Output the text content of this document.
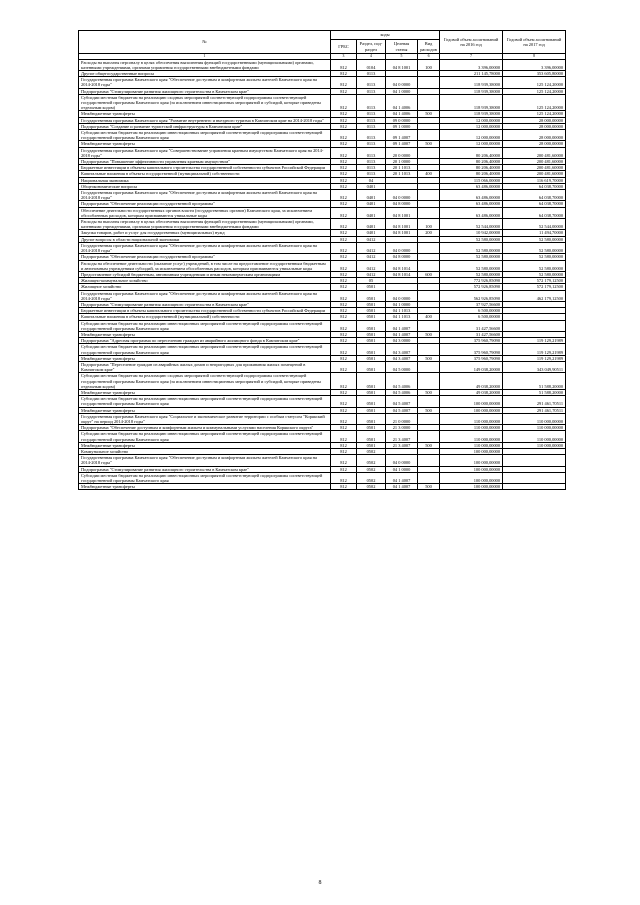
№	коды				Годовой объем ассигнований на 2016 год	Годовой объем ассигнований на 2017 год
	ГРБС	Раздел, под-раздел	Целевая статья	Вид расходов		
1	3	4	5	6	7	8
Расходы на выплаты персоналу в целях обеспечения выполнения функций государственными (муниципальными) органами, казенными учреждениями, органами управления государственными внебюджетными фондами	812	0104	04 8 1001	100	3 396,00000	3 396,00000
Другие общегосударственные вопросы	812	0113			211 145,78000	353 605,80000
Государственная программа Камчатского края "Обеспечение доступным и комфортным жильем жителей Камчатского края на 2014-2018 годы"	812	0113	04 0 0000		118 939,38000	125 124,20000
Подпрограмма "Стимулирование развития жилищного строительства в Камчатском крае"	812	0113	04 1 0000		118 939,38000	125 124,20000
Субсидии местным бюджетам на реализацию сходных мероприятий соответствующей подпрограммы соответствующей государственной программы Камчатского края (за исключением инвестиционных мероприятий и субсидий, которые приведены отдельным кодом)	812	0113	04 1 4006		118 939,38000	125 124,20000
Межбюджетные трансферты	812	0113	04 1 4006	500	118 939,38000	125 124,20000
Государственная программа Камчатского края "Развитие внутреннего и въездного туризма в Камчатском крае на 2014-2018 годы"	812	0113	09 0 0000		12 000,00000	28 000,00000
Подпрограмма "Создание и развитие туристской инфраструктуры в Камчатском крае"	812	0113	09 1 0000		12 000,00000	28 000,00000
Субсидии местным бюджетам на реализацию инвестиционных мероприятий соответствующей подпрограммы соответствующей государственной программы Камчатского края	812	0113	09 1 4007		12 000,00000	28 000,00000
Межбюджетные трансферты	812	0113	09 1 4007	500	12 000,00000	28 000,00000
Государственная программа Камчатского края "Совершенствование управления краевым имуществом Камчатского края на 2014-2018 годы"	812	0113	20 0 0000		80 206,40000	200 481,60000
Подпрограмма "Повышение эффективности управления краевым имуществом"	812	0113	20 1 0000		80 206,40000	200 481,60000
Бюджетные инвестиции в объекты капитального строительства государственной собственности субъектов Российской Федерации	812	0113	20 1 1013		80 206,40000	200 481,60000
Капитальные вложения в объекты государственной (муниципальной) собственности	812	0113	20 1 1013	400	80 206,40000	200 481,60000
Национальная экономика	812	04			115 066,00000	116 619,70000
Общеэкономические вопросы	812	0401			63 486,00000	64 038,70000
Государственная программа Камчатского края "Обеспечение доступным и комфортным жильем жителей Камчатского края на 2014-2018 годы"	812	0401	04 0 0000		63 486,00000	64 038,70000
Подпрограмма "Обеспечение реализации государственной программы"	812	0401	04 8 0000		63 486,00000	64 038,70000
Обеспечение деятельности государственных органов власти (государственных органов) Камчатского края, за исключением обособленных расходов, которым присваиваются уникальные коды	812	0401	04 8 1001		63 486,00000	64 038,70000
Расходы на выплаты персоналу в целях обеспечения выполнения функций государственными (муниципальными) органами, казенными учреждениями, органами управления государственными внебюджетными фондами	812	0401	04 8 1001	100	52 544,00000	52 544,00000
Закупка товаров, работ и услуг для государственных (муниципальных) нужд	812	0401	04 8 1001	200	10 942,00000	11 494,70000
Другие вопросы в области национальной экономики	812	0412			52 580,00000	52 580,00000
Государственная программа Камчатского края "Обеспечение доступным и комфортным жильем жителей Камчатского края на 2014-2018 годы"	812	0412	04 0 0000		52 580,00000	52 580,00000
Подпрограмма "Обеспечение реализации государственной программы"	812	0412	04 8 0000		52 580,00000	52 580,00000
Расходы на обеспечение деятельности (оказание услуг) учреждений, в том числе на предоставление государственным бюджетным и автономным учреждениям субсидий, за исключением обособленных расходов, которым присваиваются уникальные коды	812	0412	04 8 1014		52 580,00000	52 580,00000
Предоставление субсидий бюджетным, автономным учреждениям и иным некоммерческим организациям	812	0412	04 8 1014	600	52 580,00000	52 580,00000
Жилищно-коммунальное хозяйство	812	05			772 926,85090	572 179,12500
Жилищное хозяйство	812	0501			572 926,85090	572 179,12500
Государственная программа Камчатского края "Обеспечение доступным и комфортным жильем жителей Камчатского края на 2014-2018 годы"	812	0501	04 0 0000		562 926,85090	462 179,12500
Подпрограмма "Стимулирование развития жилищного строительства в Камчатском крае"	812	0501	04 1 0000		37 927,56600	
Бюджетные инвестиции в объекты капитального строительства государственной собственности субъектов Российской Федерации	812	0501	04 1 1013		6 500,00000	
Капитальные вложения в объекты государственной (муниципальной) собственности	812	0501	04 1 1013	400	6 500,00000	
Субсидии местным бюджетам на реализацию инвестиционных мероприятий соответствующей подпрограммы соответствующей государственной программы Камчатского края	812	0501	04 1 4007		31 427,56600	
Межбюджетные трансферты	812	0501	04 1 4007	500	31 427,56600	
Подпрограмма "Адресная программа по переселению граждан из аварийного жилищного фонда в Камчатском крае"	812	0501	04 3 0000		375 960,79090	119 129,21989
Субсидии местным бюджетам на реализацию инвестиционных мероприятий соответствующей подпрограммы соответствующей государственной программы Камчатского края	812	0501	04 3 4007		375 960,79090	119 129,21989
Межбюджетные трансферты	812	0501	04 3 4007	500	375 960,79090	119 129,21989
Подпрограмма "Переселение граждан из аварийных жилых домов и непригодных для проживания жилых помещений в Камчатском крае"	812	0501	04 5 0000		149 038,20000	343 049,90511
Субсидии местным бюджетам на реализацию сходных мероприятий соответствующей подпрограммы соответствующей государственной программы Камчатского края (за исключением инвестиционных мероприятий и субсидий, которые приведены отдельным кодом)	812	0501	04 5 4006		49 038,20000	51 588,20000
Межбюджетные трансферты	812	0501	04 5 4006	500	49 038,20000	51 588,20000
Субсидии местным бюджетам на реализацию инвестиционных мероприятий соответствующей подпрограммы соответствующей государственной программы Камчатского края	812	0501	04 5 4007		100 000,00000	291 461,70511
Межбюджетные трансферты	812	0501	04 5 4007	500	100 000,00000	291 461,70511
Государственная программа Камчатского края "Социальное и экономическое развитие территории с особым статусом "Корякский округ" на период 2014-2018 годы"	812	0501	21 0 0000		110 000,00000	110 000,00000
Подпрограмма "Обеспечение доступным и комфортным жильем и коммунальными услугами населения Корякского округа"	812	0501	21 3 0000		110 000,00000	110 000,00000
Субсидии местным бюджетам на реализацию инвестиционных мероприятий соответствующей подпрограммы соответствующей государственной программы Камчатского края	812	0501	21 3 4007		110 000,00000	110 000,00000
Межбюджетные трансферты	812	0501	21 3 4007	500	110 000,00000	110 000,00000
Коммунальное хозяйство	812	0502			100 000,00000	
Государственная программа Камчатского края "Обеспечение доступным и комфортным жильем жителей Камчатского края на 2014-2018 годы"	812	0502	04 0 0000		100 000,00000	
Подпрограмма "Стимулирование развития жилищного строительства в Камчатском крае"	812	0502	04 1 0000		100 000,00000	
Субсидии местным бюджетам на реализацию инвестиционных мероприятий соответствующей подпрограммы соответствующей государственной программы Камчатского края	812	0502	04 1 4007		100 000,00000	
Межбюджетные трансферты	812	0502	04 1 4007	500	100 000,00000	
8
